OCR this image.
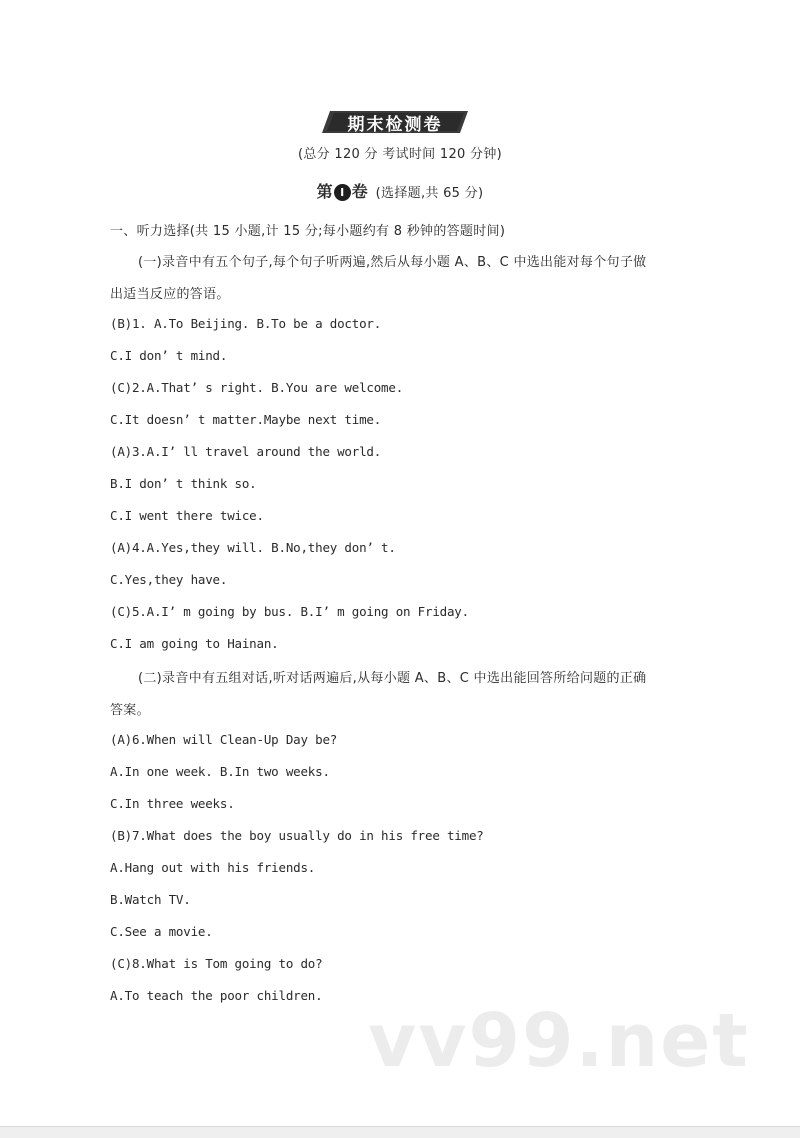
期末检测卷
(总分 120 分 考试时间 120 分钟)
第 I 卷 (选择题,共 65 分)
一、听力选择(共 15 小题,计 15 分;每小题约有 8 秒钟的答题时间)
(一)录音中有五个句子,每个句子听两遍,然后从每小题 A、B、C 中选出能对每个句子做
出适当反应的答语。
(B)1. A.To Beijing. B.To be a doctor.
C.I don’ t mind.
(C)2.A.That’ s right. B.You are welcome.
C.It doesn’ t matter.Maybe next time.
(A)3.A.I’ ll travel around the world.
B.I don’ t think so.
C.I went there twice.
(A)4.A.Yes,they will. B.No,they don’ t.
C.Yes,they have.
(C)5.A.I’ m going by bus. B.I’ m going on Friday.
C.I am going to Hainan.
(二)录音中有五组对话,听对话两遍后,从每小题 A、B、C 中选出能回答所给问题的正确
答案。
(A)6.When will Clean-Up Day be?
A.In one week. B.In two weeks.
C.In three weeks.
(B)7.What does the boy usually do in his free time?
A.Hang out with his friends.
B.Watch TV.
C.See a movie.
(C)8.What is Tom going to do?
A.To teach the poor children.
vv99.net
